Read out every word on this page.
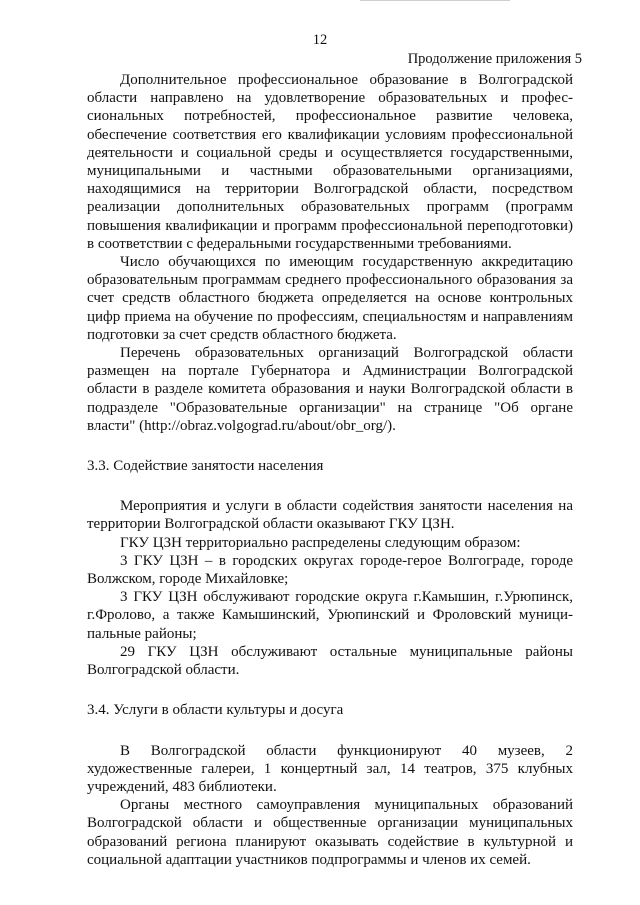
12
Продолжение приложения 5

Дополнительное профессиональное образование в Волгоградской области направлено на удовлетворение образовательных и профессиональных потребностей, профессиональное развитие человека, обеспечение соответствия его квалификации условиям профессиональной деятельности и социальной среды и осуществляется государственными, муниципальными и частными образовательными организациями, находящимися на территории Волгоградской области, посредством реализации дополнительных образовательных программ (программ повышения квалификации и программ профессиональной переподготовки) в соответствии с федеральными государственными требованиями.

Число обучающихся по имеющим государственную аккредитацию образовательным программам среднего профессионального образования за счет средств областного бюджета определяется на основе контрольных цифр приема на обучение по профессиям, специальностям и направлениям подготовки за счет средств областного бюджета.

Перечень образовательных организаций Волгоградской области размещен на портале Губернатора и Администрации Волгоградской области в разделе комитета образования и науки Волгоградской области в подразделе "Образовательные организации" на странице "Об органе власти" (http://obraz.volgograd.ru/about/obr_org/).

3.3. Содействие занятости населения

Мероприятия и услуги в области содействия занятости населения на территории Волгоградской области оказывают ГКУ ЦЗН.

ГКУ ЦЗН территориально распределены следующим образом:

3 ГКУ ЦЗН – в городских округах городе-герое Волгограде, городе Волжском, городе Михайловке;

3 ГКУ ЦЗН обслуживают городские округа г.Камышин, г.Урюпинск, г.Фролово, а также Камышинский, Урюпинский и Фроловский муниципальные районы;

29 ГКУ ЦЗН обслуживают остальные муниципальные районы Волгоградской области.

3.4. Услуги в области культуры и досуга

В Волгоградской области функционируют 40 музеев, 2 художественные галереи, 1 концертный зал, 14 театров, 375 клубных учреждений, 483 библиотеки.

Органы местного самоуправления муниципальных образований Волгоградской области и общественные организации муниципальных образований региона планируют оказывать содействие в культурной и социальной адаптации участников подпрограммы и членов их семей.
